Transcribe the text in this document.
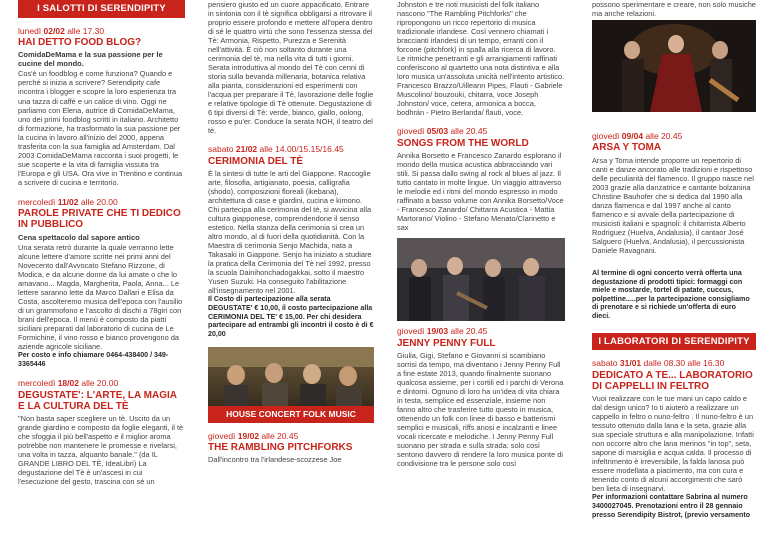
I SALOTTI DI SERENDIPITY
lunedì 02/02 alle 17.30
HAI DETTO FOOD BLOG?
ComidaDeMama e la sua passione per le cucine del mondo.
Cos'è un foodblog e come funziona? Quando e perché si inizia a scrivere? Serendipity cafe incontra i blogger e scopre la loro esperienza tra una tazza di caffè e un calice di vino. Oggi ne parliamo con Elena, autrice di ComidaDeMama, uno dei primi foodblog scritti in italiano. Architetto di formazione, ha trasformato la sua passione per la cucina in lavoro all'inizio del 2000, appena trasferita con la sua famiglia ad Amsterdam. Dal 2003 ComidaDeMama racconta i suoi progetti, le sue scoperte e la vita di famiglia vissuta tra l'Europa e gli USA. Ora vive in Trentino e continua a scrivere di cucina e territorio.
mercoledì 11/02 alle 20.00
PAROLE PRIVATE CHE TI DEDICO IN PUBBLICO
Cena spettacolo dal sapore antico
Una serata retrò durante la quale verranno lette alcune lettere d'amore scritte nei primi anni del Novecento dall'Avvocato Stefano Rizzone, di Modica, e da alcune donne da lui amate o che lo amavano... Magda, Margherita, Paola, Anna... Le lettere saranno lette da Marco Dallari e Elisa da Costa, ascolteremo musica dell'epoca con l'ausilio di un grammofono e l'ascolto di dischi a 78giri con brani dell'epoca. Il menù è composto da piatti siciliani preparati dal laboratorio di cucina de Le Formichine, il vino rosso e bianco provengono da aziende agricole siciliane.
Per costo e info chiamare 0464-438400 / 349-3365446
mercoledì 18/02 alle 20.00
DEGUSTATE': L'ARTE, LA MAGIA E LA CULTURA DEL TÈ
"Non basta saper scegliere un tè. Uscito da un grande giardino e composto da foglie eleganti, il tè che sfoggia il più bell'aspetto e il miglior aroma potrebbe non mantenere le promesse e rivelarsi, una volta in tazza, alquanto banale." (da IL GRANDE LIBRO DEL TÈ, IdeaLibri) La degustazione del Tè è un'ascesi in cui l'esecuzione del gesto, trascina con sé un
pensiero giusto ed un cuore appacificato. Entrare in sintonia con il tè significa obbligarsi a ritrovare il proprio essere profondo e mettere all'opera dentro di sé le quattro virtù che sono l'essenza stessa del Tè: Armonia, Rispetto, Purezza e Serenità nell'attività. È ciò non soltanto durante una cerimonia del tè, ma nella vita di tutti i giorni. Serata introduttiva al mondo del Tè con cenni di storia sulla bevanda millenaria, botanica relativa alla pianta, considerazioni ed esperimenti con l'acqua per preparare il Tè, lavorazione delle foglie e relative tipologie di Tè ottenute. Degustazione di 6 tipi diversi di Tè: verde, bianco, giallo, oolong, rosso e pu'er. Conduce la serata NOH, il teatro del tè.
sabato 21/02 alle 14.00/15.15/16.45
CERIMONIA DEL TÈ
È la sintesi di tutte le arti del Giappone. Raccoglie arte, filosofia, artigianato, poesia, calligrafia (shodo), composizioni floreali (ikebana), architettura di case e giardini, cucina e kimono. Chi partecipa alla cerimonia del tè, si avvicina alla cultura giapponese, comprendendone il senso estetico. Nella stanza della cerimonia si crea un altro mondo, al di fuori della quotidianità. Con la Maestra di cerimonia Senjo Machida, nata a Takasaki in Giappone. Senjo ha iniziato a studiare la pratica della Cerimonia del Tè nel 1992, presso la scuola Dainihonchadogakkai, sotto il maestro Yusen Suzuki. Ha conseguito l'abilitazione all'insegnamento nel 2001.
Il Costo di partecipazione alla serata DEGUSTATE' € 10,00, il costo partecipazione alla CERIMONIA DEL TE' € 15,00. Per chi desidera partecipare ad entrambi gli incontri il costo è di € 20,00
HOUSE CONCERT FOLK MUSIC
giovedì 19/02 alle 20.45
THE RAMBLING PITCHFORKS
Dall'incontro tra l'irlandese-scozzese Joe
Johnston e tre noti musicisti del folk italiano nascono "The Rambling Pitchforks" che ripropongono un ricco repertorio di musica tradizionale irlandese. Così vennero chiamati i braccianti irlandesi di un tempo, erranti con il forcone (pitchfork) in spalla alla ricerca di lavoro. Le ritmiche penetranti e gli arrangiamenti raffinati conferiscono al quartetto una nota distintiva e alla loro musica un'assoluta unicità nell'intento artistico. Francesco Brazzo/Uilleann Pipes, Flauti - Gabriele Muscolino/ bouzouki, chitarra, voce Joseph Johnston/ voce, cetera, armonica a bocca, bodhrán - Pietro Berlanda/ flauti, voce.
giovedì 05/03 alle 20.45
SONGS FROM THE WORLD
Annika Borsetto e Francesco Zanardo esplorano il mondo della musica acustica abbracciando vari stili. Si passa dallo swing al rock al blues al jazz. Il tutto cantato in molte lingue. Un viaggio attraverso le melodie ed i ritmi del mondo espresso in modo raffinato a basso volume con Annika Borsetto/Voce - Francesco Zanardo/ Chittarra Acustica - Mattia Martorano/ Violino - Stefano Menato/Clarinetto e sax
giovedì 19/03 alle 20.45
JENNY PENNY FULL
Giulia, Gigi, Stefano e Giovanni si scambiano sorrisi da tempo, ma diventano i Jenny Penny Full a fine estate 2013, quando finalmente suonano qualcosa assieme, per i cortili ed i parchi di Verona e dintorni. Ognuno di loro ha un'idea di vita chiara in testa, semplice ed essenziale, insieme non fanno altro che trasferire tutto questo in musica, ottenendo un folk con linee di basso e batterismi semplici e musicali, riffs anosi e incalzanti e linee vocali ricercate e melodiche. I Jenny Penny Full suonano per strada e sulla strada: solo così sentono davvero di rendere la loro musica ponte di condivisione tra le persone solo così
possono sperimentare e creare, non solo musiche ma anche relazioni.
giovedì 09/04 alle 20.45
ARSA Y TOMA
Arsa y Toma intende proporre un repertorio di canti e danze ancorato alle tradizioni e rispettoso delle peculiarità del flamenco. Il gruppo nasce nel 2003 grazie alla danzatrice e cantante bolzanina Christine Bauhofer che si dedica dal 1990 alla danza flamenca e dal 1997 anche al canto flamenco e si avvale della partecipazione di musicisti italiani e spagnoli: il chitarrista Alberto Rodriguez (Huelva, Andalusia), il cantaor José Salguero (Huelva, Andalusia), il percussionista Daniele Ravagnani.
Al termine di ogni concerto verrà offerta una degustazione di prodotti tipici: formaggi con miele e mostarde, tortel di patate, cuccus, polpettine.....per la partecipazione consigliamo di prenotare e si richiede un'offerta di euro dieci.
I LABORATORI DI SERENDIPITY
sabato 31/01 dalle 08.30 alle 16.30
DEDICATO A TE... LABORATORIO DI CAPPELLI IN FELTRO
Vuoi realizzare con le tue mani un capo caldo e dal design unico? Io ti aiuterò a realizzare un cappello in feltro o nuno-feltro . Il nuno-feltro è un tessuto ottenuto dalla lana e la seta, grazie alla sua speciale struttura e alla manipolazione. Infatti non occorre altro che lana merinos "in top", seta, sapone di marsiglia e acqua calda. Il processo di infeltrimento è irreversibile, la falda lanosa può essere modellata a piacimento, ma con cura e tenendo conto di alcuni accorgimenti che sarò ben lieta di insegnarvi.
Per informazioni contattare Sabrina al numero 3400027045. Prenotazioni entro il 28 gennaio presso Serendipity Bistrot, (previo versamento
